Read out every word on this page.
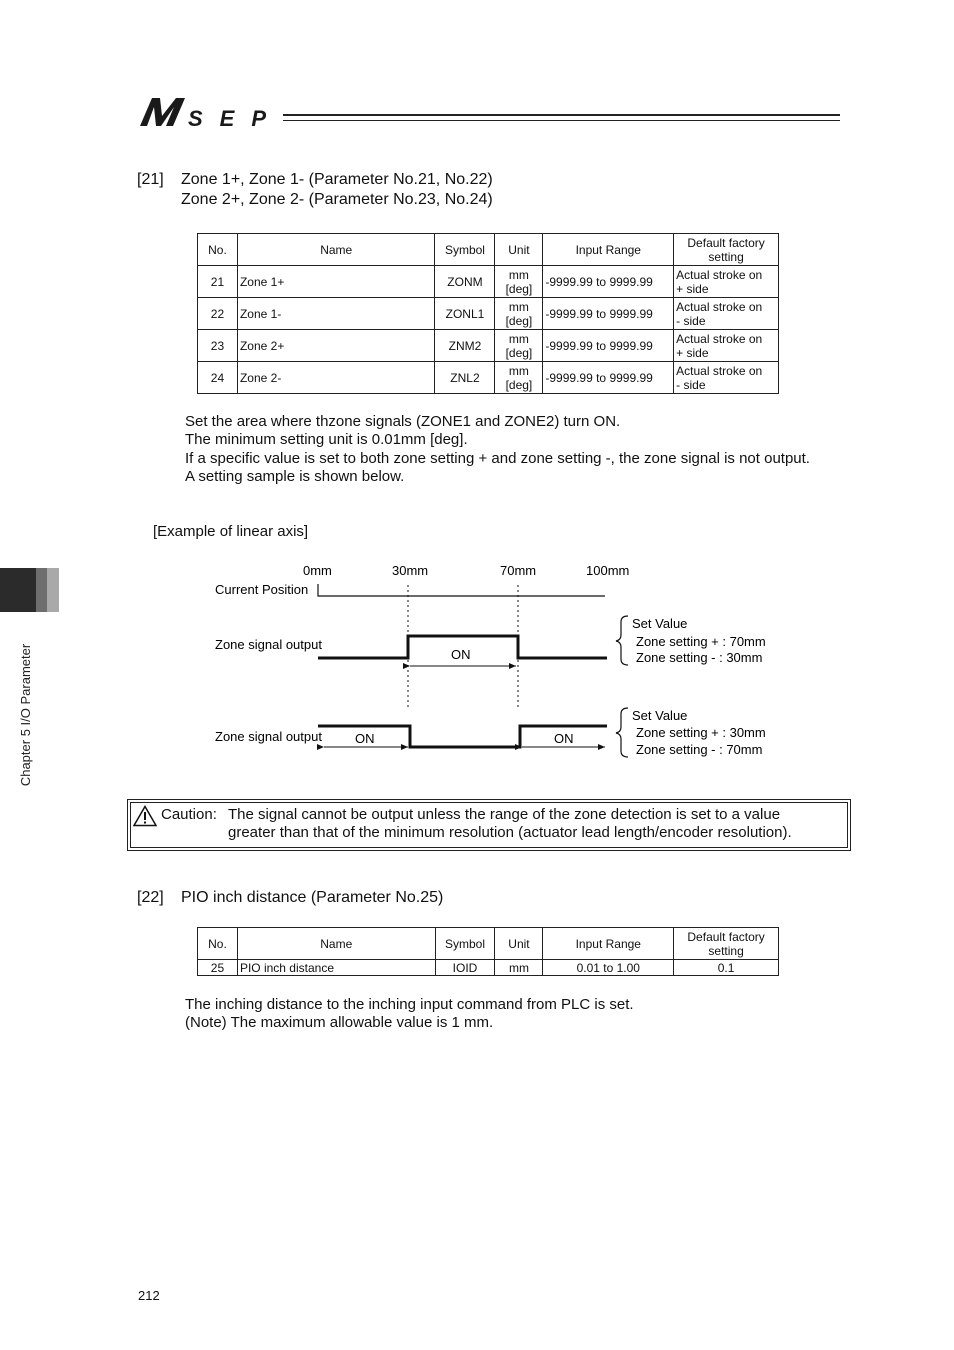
SEP
Chapter 5 I/O Parameter
[21] Zone 1+, Zone 1- (Parameter No.21, No.22)
Zone 2+, Zone 2- (Parameter No.23, No.24)
No.	Name	Symbol	Unit	Input Range	Default factory
setting
21	Zone 1+	ZONM	mm
[deg]	-9999.99 to 9999.99	Actual stroke on
+ side
22	Zone 1-	ZONL1	mm
[deg]	-9999.99 to 9999.99	Actual stroke on
- side
23	Zone 2+	ZNM2	mm
[deg]	-9999.99 to 9999.99	Actual stroke on
+ side
24	Zone 2-	ZNL2	mm
[deg]	-9999.99 to 9999.99	Actual stroke on
- side
Set the area where thzone signals (ZONE1 and ZONE2) turn ON.
The minimum setting unit is 0.01mm [deg].
If a specific value is set to both zone setting + and zone setting -, the zone signal is not output.
A setting sample is shown below.
[Example of linear axis]
0mm	30mm	70mm	100mm
Current Position
Zone signal output
ON
Set Value
Zone setting + : 70mm
Zone setting - : 30mm
Zone signal output	ON	ON
Set Value
Zone setting + : 30mm
Zone setting - : 70mm
Caution: The signal cannot be output unless the range of the zone detection is set to a value
greater than that of the minimum resolution (actuator lead length/encoder resolution).
[22] PIO inch distance (Parameter No.25)
No.	Name	Symbol	Unit	Input Range	Default factory
setting
25	PIO inch distance	IOID	mm	0.01 to 1.00	0.1
The inching distance to the inching input command from PLC is set.
(Note) The maximum allowable value is 1 mm.
212
